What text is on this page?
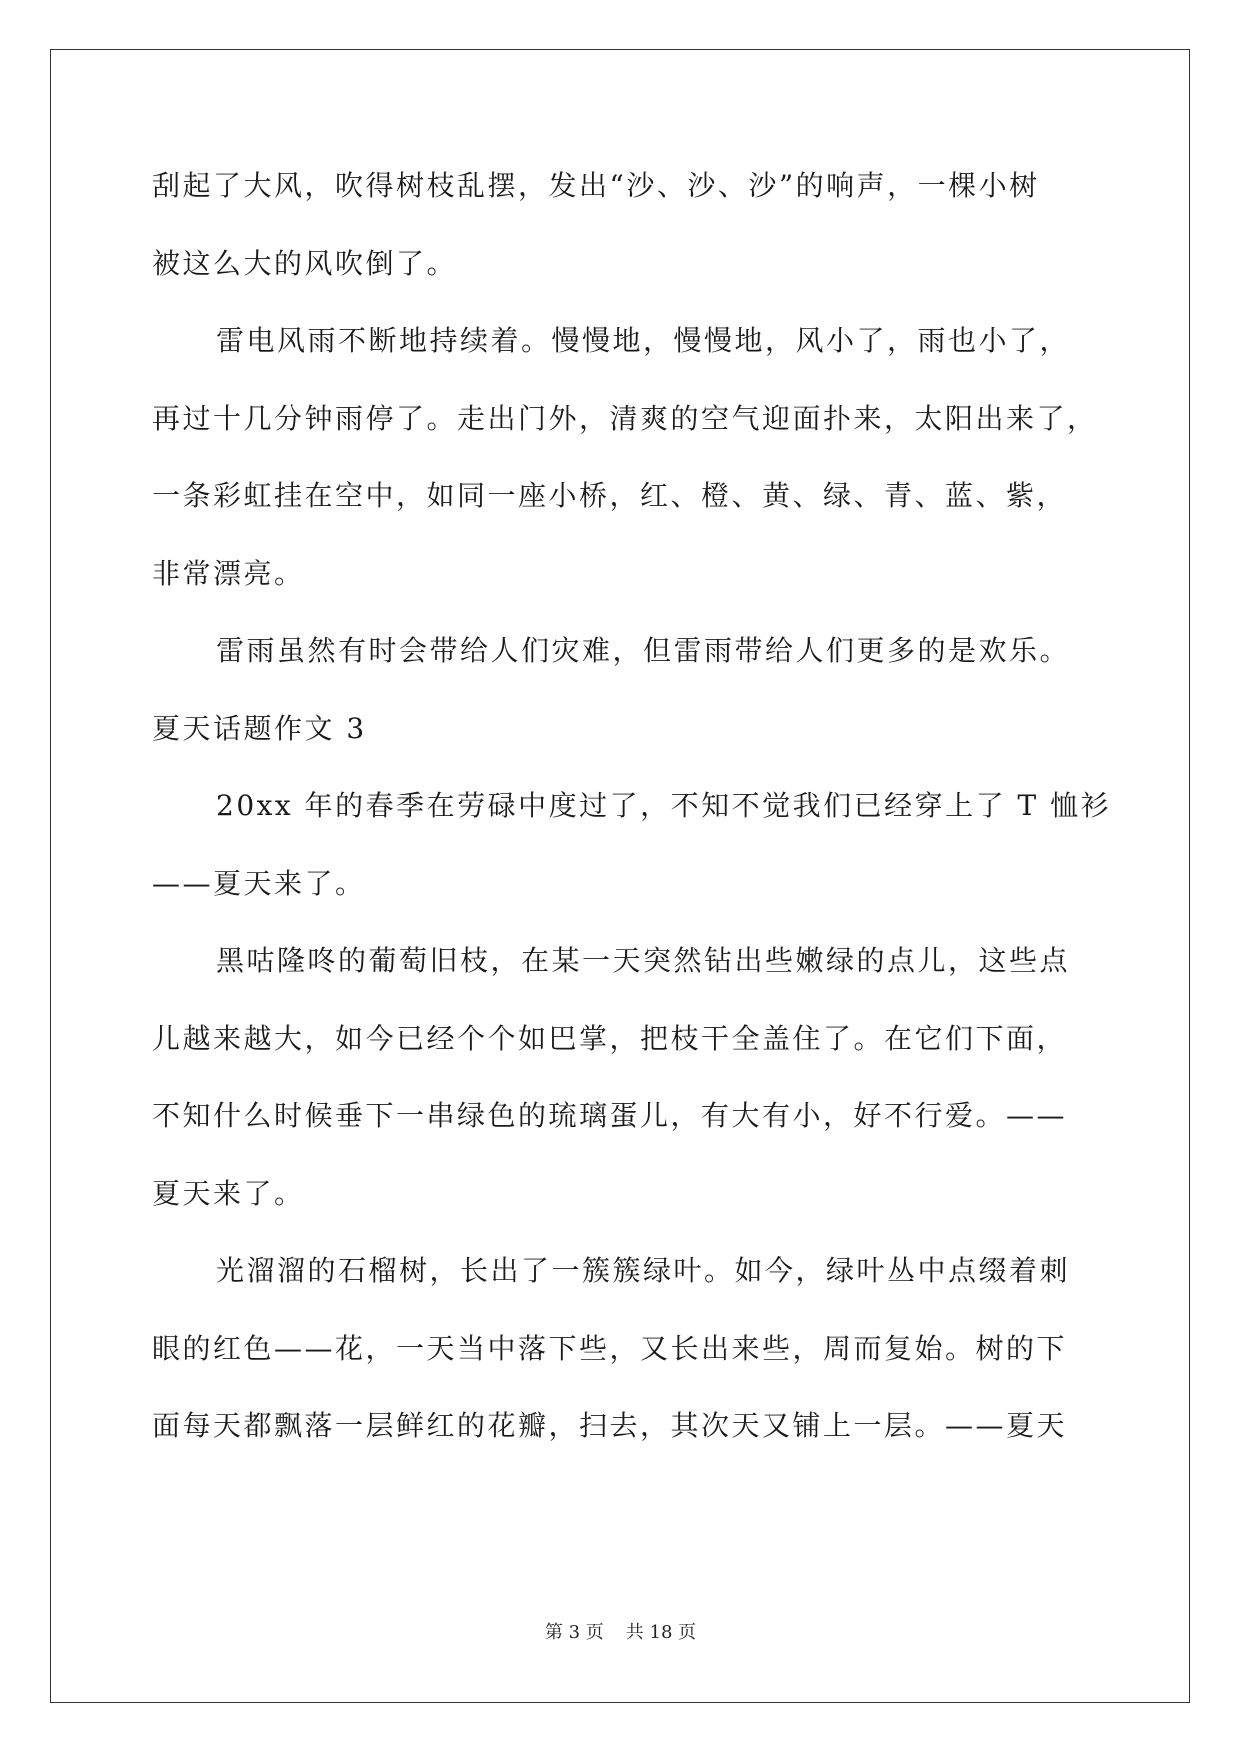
刮起了大风，吹得树枝乱摆，发出“沙、沙、沙”的响声，一棵小树
被这么大的风吹倒了。
雷电风雨不断地持续着。慢慢地，慢慢地，风小了，雨也小了，
再过十几分钟雨停了。走出门外，清爽的空气迎面扑来，太阳出来了，
一条彩虹挂在空中，如同一座小桥，红、橙、黄、绿、青、蓝、紫，
非常漂亮。
雷雨虽然有时会带给人们灾难，但雷雨带给人们更多的是欢乐。
夏天话题作文 3
20xx 年的春季在劳碌中度过了，不知不觉我们已经穿上了 T 恤衫
——夏天来了。
黑咕隆咚的葡萄旧枝，在某一天突然钻出些嫩绿的点儿，这些点
儿越来越大，如今已经个个如巴掌，把枝干全盖住了。在它们下面，
不知什么时候垂下一串绿色的琉璃蛋儿，有大有小，好不行爱。——
夏天来了。
光溜溜的石榴树，长出了一簇簇绿叶。如今，绿叶丛中点缀着刺
眼的红色——花，一天当中落下些，又长出来些，周而复始。树的下
面每天都飘落一层鲜红的花瓣，扫去，其次天又铺上一层。——夏天
第 3 页 共 18 页
